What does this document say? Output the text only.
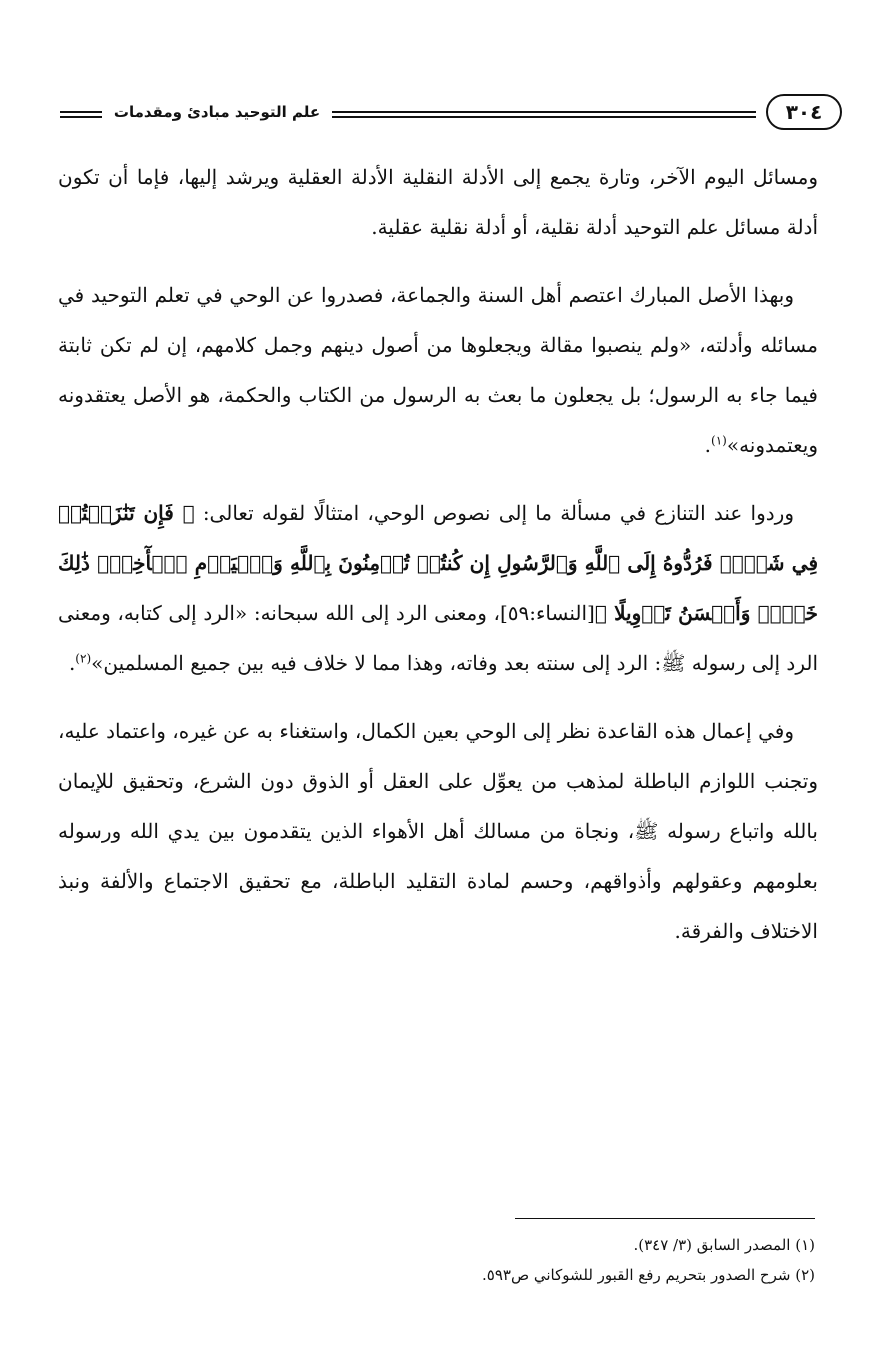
علم التوحيد مبادئ ومقدمات	٣٠٤

ومسائل اليوم الآخر، وتارة يجمع إلى الأدلة النقلية الأدلة العقلية ويرشد إليها، فإما أن تكون أدلة مسائل علم التوحيد أدلة نقلية، أو أدلة نقلية عقلية.

وبهذا الأصل المبارك اعتصم أهل السنة والجماعة، فصدروا عن الوحي في تعلم التوحيد في مسائله وأدلته، «ولم ينصبوا مقالة ويجعلوها من أصول دينهم وجمل كلامهم، إن لم تكن ثابتة فيما جاء به الرسول؛ بل يجعلون ما بعث به الرسول من الكتاب والحكمة، هو الأصل يعتقدونه ويعتمدونه»$^{(١)}$.

وردوا عند التنازع في مسألة ما إلى نصوص الوحي، امتثالًا لقوله تعالى: ﴿ فَإِن تَنَٰزَعۡتُمۡ فِي شَيۡءٖ فَرُدُّوهُ إِلَى ٱللَّهِ وَٱلرَّسُولِ إِن كُنتُمۡ تُؤۡمِنُونَ بِٱللَّهِ وَٱلۡيَوۡمِ ٱلۡأٓخِرِۚ ذَٰلِكَ خَيۡرٞ وَأَحۡسَنُ تَأۡوِيلًا ﴾[النساء:٥٩]، ومعنى الرد إلى الله سبحانه: «الرد إلى كتابه، ومعنى الرد إلى رسوله ﷺ: الرد إلى سنته بعد وفاته، وهذا مما لا خلاف فيه بين جميع المسلمين»$^{(٢)}$.

وفي إعمال هذه القاعدة نظر إلى الوحي بعين الكمال، واستغناء به عن غيره، واعتماد عليه، وتجنب اللوازم الباطلة لمذهب من يعوِّل على العقل أو الذوق دون الشرع، وتحقيق للإيمان بالله واتباع رسوله ﷺ، ونجاة من مسالك أهل الأهواء الذين يتقدمون بين يدي الله ورسوله بعلومهم وعقولهم وأذواقهم، وحسم لمادة التقليد الباطلة، مع تحقيق الاجتماع والألفة ونبذ الاختلاف والفرقة.

(١) المصدر السابق (٣/ ٣٤٧).

(٢) شرح الصدور بتحريم رفع القبور للشوكاني ص٥٩٣.
